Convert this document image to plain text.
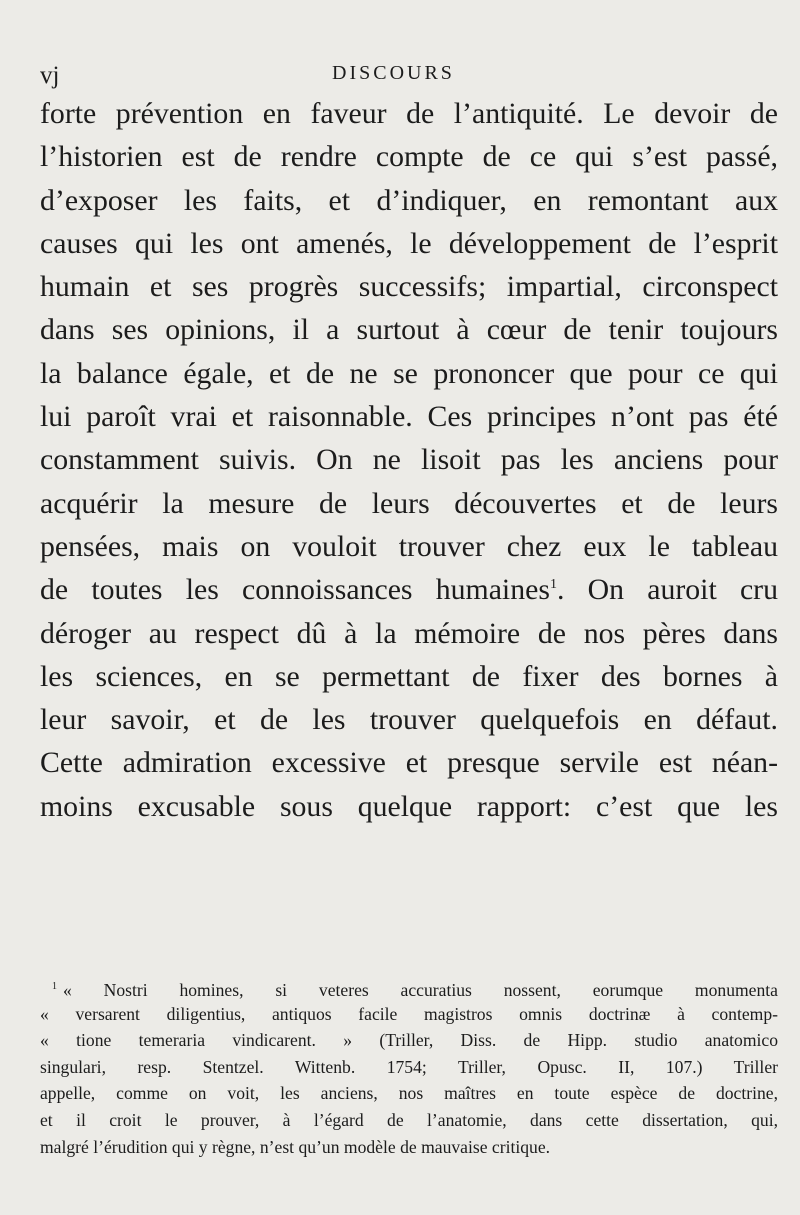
vj	DISCOURS
forte prévention en faveur de l’antiquité. Le devoir de
l’historien est de rendre compte de ce qui s’est passé,
d’exposer les faits, et d’indiquer, en remontant aux
causes qui les ont amenés, le développement de l’esprit
humain et ses progrès successifs; impartial, circonspect
dans ses opinions, il a surtout à cœur de tenir toujours
la balance égale, et de ne se prononcer que pour ce qui
lui paroît vrai et raisonnable. Ces principes n’ont pas été
constamment suivis. On ne lisoit pas les anciens pour
acquérir la mesure de leurs découvertes et de leurs
pensées, mais on vouloit trouver chez eux le tableau
de toutes les connoissances humaines$^1$. On auroit cru
déroger au respect dû à la mémoire de nos pères dans
les sciences, en se permettant de fixer des bornes à
leur savoir, et de les trouver quelquefois en défaut.
Cette admiration excessive et presque servile est néan-
moins excusable sous quelque rapport: c’est que les
$^1$ « Nostri homines, si veteres accuratius nossent, eorumque monumenta
« versarent diligentius, antiquos facile magistros omnis doctrinæ à contemp-
« tione temeraria vindicarent. » (Triller, Diss. de Hipp. studio anatomico
singulari, resp. Stentzel. Wittenb. 1754; Triller, Opusc. II, 107.) Triller
appelle, comme on voit, les anciens, nos maîtres en toute espèce de doctrine,
et il croit le prouver, à l’égard de l’anatomie, dans cette dissertation, qui,
malgré l’érudition qui y règne, n’est qu’un modèle de mauvaise critique.
